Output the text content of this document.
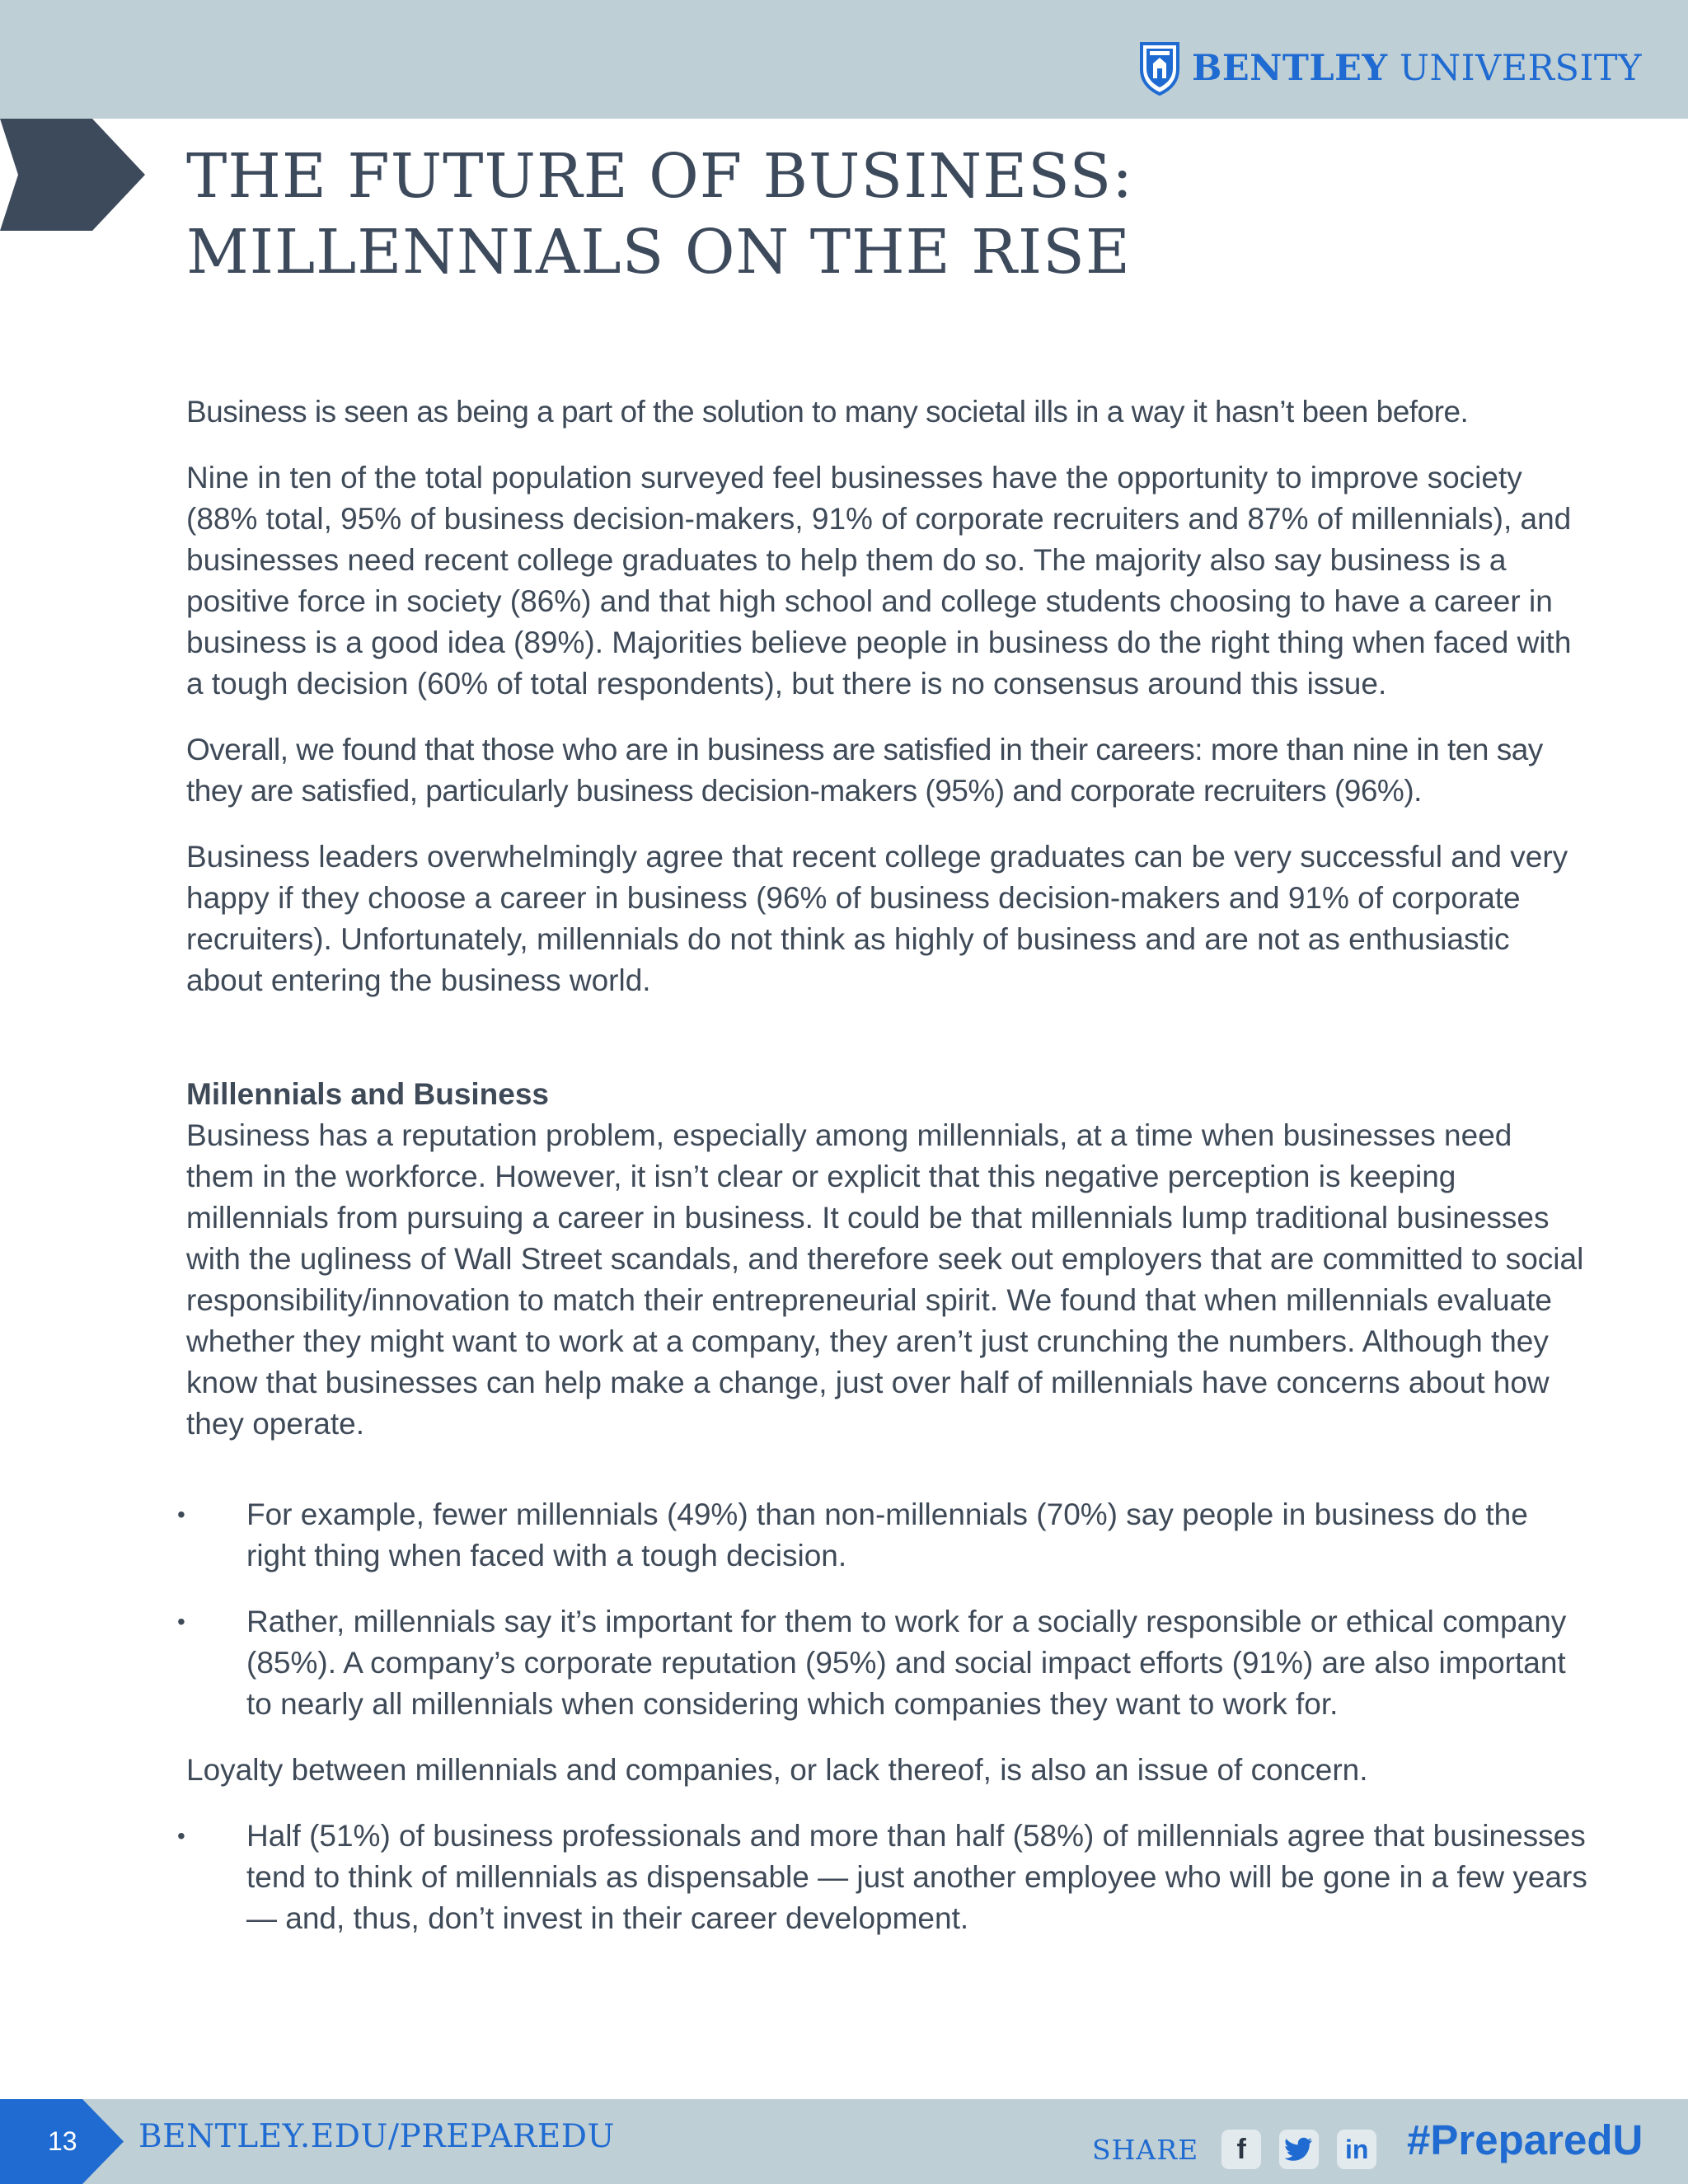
BENTLEY UNIVERSITY
THE FUTURE OF BUSINESS:
MILLENNIALS ON THE RISE

Business is seen as being a part of the solution to many societal ills in a way it hasn’t been before.

Nine in ten of the total population surveyed feel businesses have the opportunity to improve society (88% total, 95% of business decision-makers, 91% of corporate recruiters and 87% of millennials), and businesses need recent college graduates to help them do so. The majority also say business is a positive force in society (86%) and that high school and college students choosing to have a career in business is a good idea (89%). Majorities believe people in business do the right thing when faced with a tough decision (60% of total respondents), but there is no consensus around this issue.

Overall, we found that those who are in business are satisfied in their careers: more than nine in ten say they are satisfied, particularly business decision-makers (95%) and corporate recruiters (96%).

Business leaders overwhelmingly agree that recent college graduates can be very successful and very happy if they choose a career in business (96% of business decision-makers and 91% of corporate recruiters). Unfortunately, millennials do not think as highly of business and are not as enthusiastic about entering the business world.

Millennials and Business

Business has a reputation problem, especially among millennials, at a time when businesses need them in the workforce. However, it isn’t clear or explicit that this negative perception is keeping millennials from pursuing a career in business. It could be that millennials lump traditional businesses with the ugliness of Wall Street scandals, and therefore seek out employers that are committed to social responsibility/innovation to match their entrepreneurial spirit. We found that when millennials evaluate whether they might want to work at a company, they aren’t just crunching the numbers. Although they know that businesses can help make a change, just over half of millennials have concerns about how they operate.

• For example, fewer millennials (49%) than non-millennials (70%) say people in business do the right thing when faced with a tough decision.
• Rather, millennials say it’s important for them to work for a socially responsible or ethical company (85%). A company’s corporate reputation (95%) and social impact efforts (91%) are also important to nearly all millennials when considering which companies they want to work for.

Loyalty between millennials and companies, or lack thereof, is also an issue of concern.

• Half (51%) of business professionals and more than half (58%) of millennials agree that businesses tend to think of millennials as dispensable — just another employee who will be gone in a few years — and, thus, don’t invest in their career development.
13	BENTLEY.EDU/PREPAREDU	SHARE	f	in #PreparedU
